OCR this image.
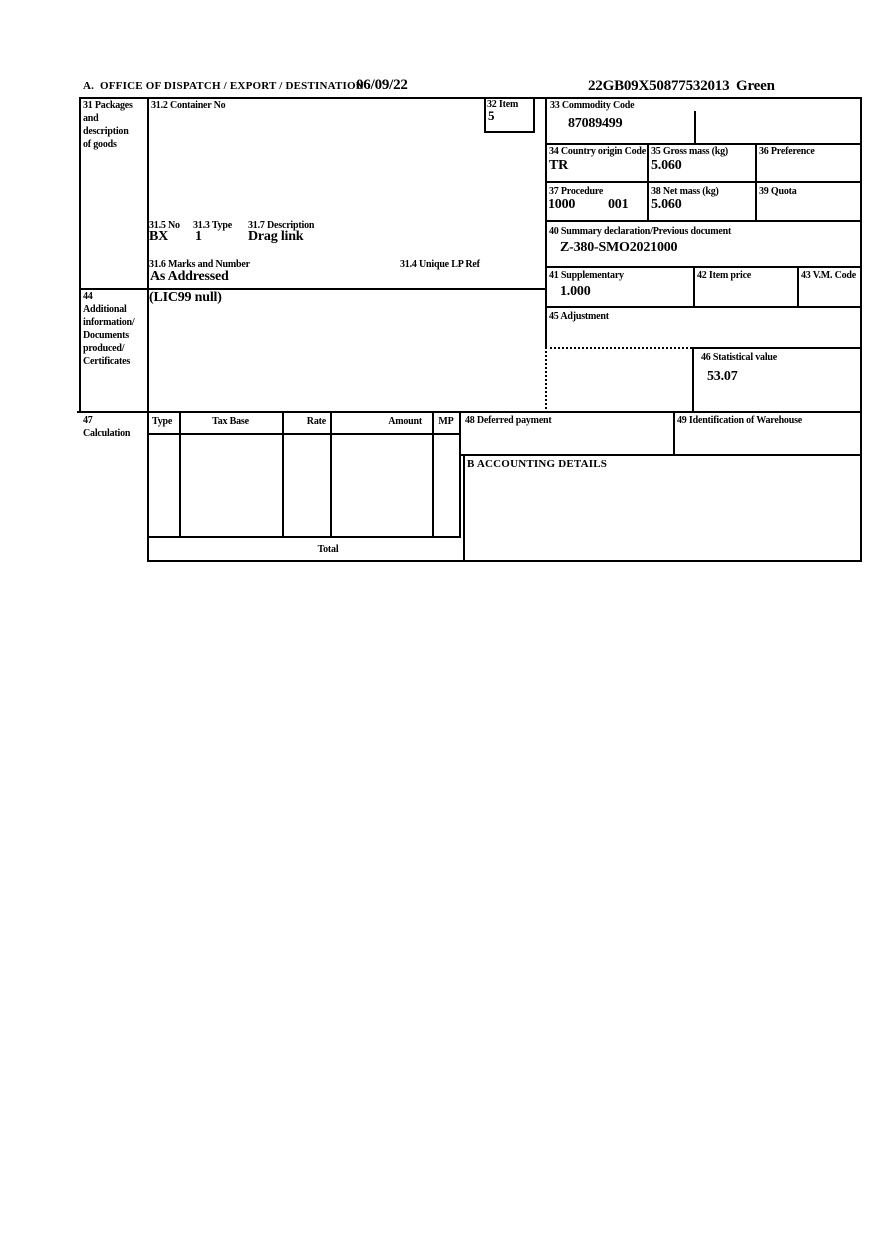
A.  OFFICE OF DISPATCH / EXPORT / DESTINATION
06/09/22	22GB09X50877532013 Green
31 Packages
and
description
of goods
31.2 Container No
31.5 No 31.3 Type 31.7 Description
BX 1	Drag link
31.6 Marks and Number	31.4 Unique LP Ref
As Addressed
32 Item
5
33 Commodity Code
87089499
34 Country origin Code
TR
35 Gross mass (kg)
5.060
36 Preference
37 Procedure
1000 001
38 Net mass (kg)
5.060
39 Quota
40 Summary declaration/Previous document
Z-380-SMO2021000
41 Supplementary
1.000
42 Item price	43 V.M. Code
44
Additional
information/
Documents
produced/
Certificates
(LIC99 null)
45 Adjustment
46 Statistical value
53.07
47
Calculation
Type	Tax Base	Rate	Amount	MP
Total
48 Deferred payment	49 Identification of Warehouse
B ACCOUNTING DETAILS
